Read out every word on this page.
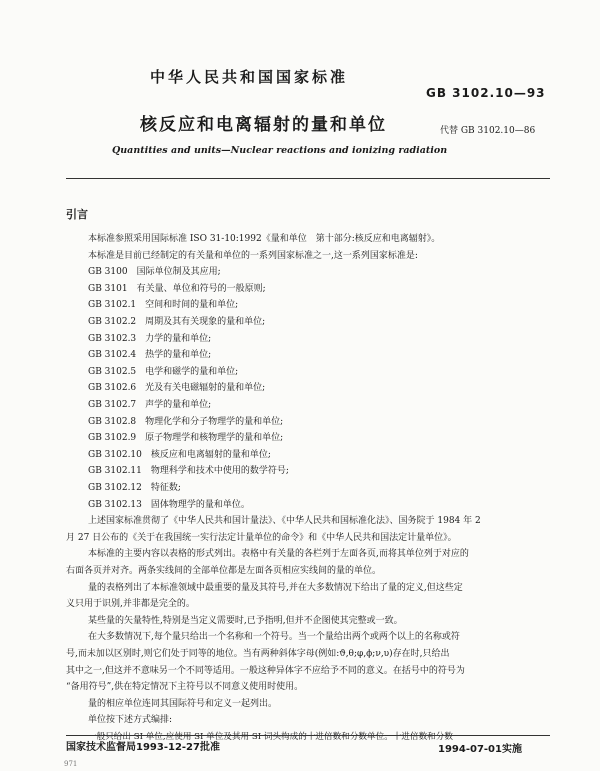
中华人民共和国国家标准
GB 3102.10—93
核反应和电离辐射的量和单位	代替 GB 3102.10—86
Quantities and units—Nuclear reactions and ionizing radiation
引言
本标准参照采用国际标准 ISO 31-10:1992《量和单位　第十部分:核反应和电离辐射》。
本标准是目前已经制定的有关量和单位的一系列国家标准之一,这一系列国家标准是:
GB 3100　国际单位制及其应用;
GB 3101　有关量、单位和符号的一般原则;
GB 3102.1　空间和时间的量和单位;
GB 3102.2　周期及其有关现象的量和单位;
GB 3102.3　力学的量和单位;
GB 3102.4　热学的量和单位;
GB 3102.5　电学和磁学的量和单位;
GB 3102.6　光及有关电磁辐射的量和单位;
GB 3102.7　声学的量和单位;
GB 3102.8　物理化学和分子物理学的量和单位;
GB 3102.9　原子物理学和核物理学的量和单位;
GB 3102.10　核反应和电离辐射的量和单位;
GB 3102.11　物理科学和技术中使用的数学符号;
GB 3102.12　特征数;
GB 3102.13　固体物理学的量和单位。
上述国家标准贯彻了《中华人民共和国计量法》、《中华人民共和国标准化法》、国务院于 1984 年 2
月 27 日公布的《关于在我国统一实行法定计量单位的命令》和《中华人民共和国法定计量单位》。
本标准的主要内容以表格的形式列出。表格中有关量的各栏列于左面各页,而将其单位列于对应的
右面各页并对齐。两条实线间的全部单位都是左面各页相应实线间的量的单位。
量的表格列出了本标准领域中最重要的量及其符号,并在大多数情况下给出了量的定义,但这些定
义只用于识别,并非都是完全的。
某些量的矢量特性,特别是当定义需要时,已予指明,但并不企图使其完整或一致。
在大多数情况下,每个量只给出一个名称和一个符号。当一个量给出两个或两个以上的名称或符
号,而未加以区别时,则它们处于同等的地位。当有两种斜体字母(例如:ϑ,θ;φ,ϕ;ν,υ)存在时,只给出
其中之一,但这并不意味另一个不同等适用。一般这种异体字不应给予不同的意义。在括号中的符号为
“备用符号”,供在特定情况下主符号以不同意义使用时使用。
量的相应单位连同其国际符号和定义一起列出。
单位按下述方式编排:
一般只给出 SI 单位,应使用 SI 单位及其用 SI 词头构成的十进倍数和分数单位。十进倍数和分数
国家技术监督局1993-12-27批准	1994-07-01实施
971
